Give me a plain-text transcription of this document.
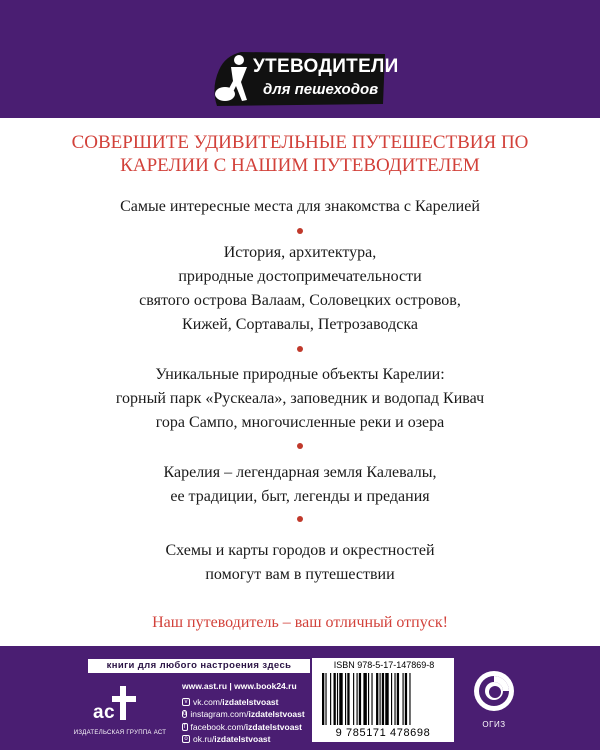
УТЕВОДИТЕЛИ
для пешеходов
СОВЕРШИТЕ УДИВИТЕЛЬНЫЕ ПУТЕШЕСТВИЯ ПО
КАРЕЛИИ С НАШИМ ПУТЕВОДИТЕЛЕМ
Самые интересные места для знакомства с Карелией
История, архитектура,
природные достопримечательности
святого острова Валаам, Соловецких островов,
Кижей, Сортавалы, Петрозаводска
Уникальные природные объекты Карелии:
горный парк «Рускеала», заповедник и водопад Кивач
гора Сампо, многочисленные реки и озера
Карелия – легендарная земля Калевалы,
ее традиции, быт, легенды и предания
Схемы и карты городов и окрестностей
помогут вам в путешествии
Наш путеводитель – ваш отличный отпуск!
книги для любого настроения здесь
а с
ИЗДАТЕЛЬСКАЯ ГРУППА АСТ
www.ast.ru | www.book24.ru
v vk.com/ izdatelstvoast
o instagram.com/ izdatelstvoast
f facebook.com/ izdatelstvoast
o ok.ru/ izdatelstvoast
ISBN 978-5-17-147869-8
9 785171 478698
ОГИЗ
